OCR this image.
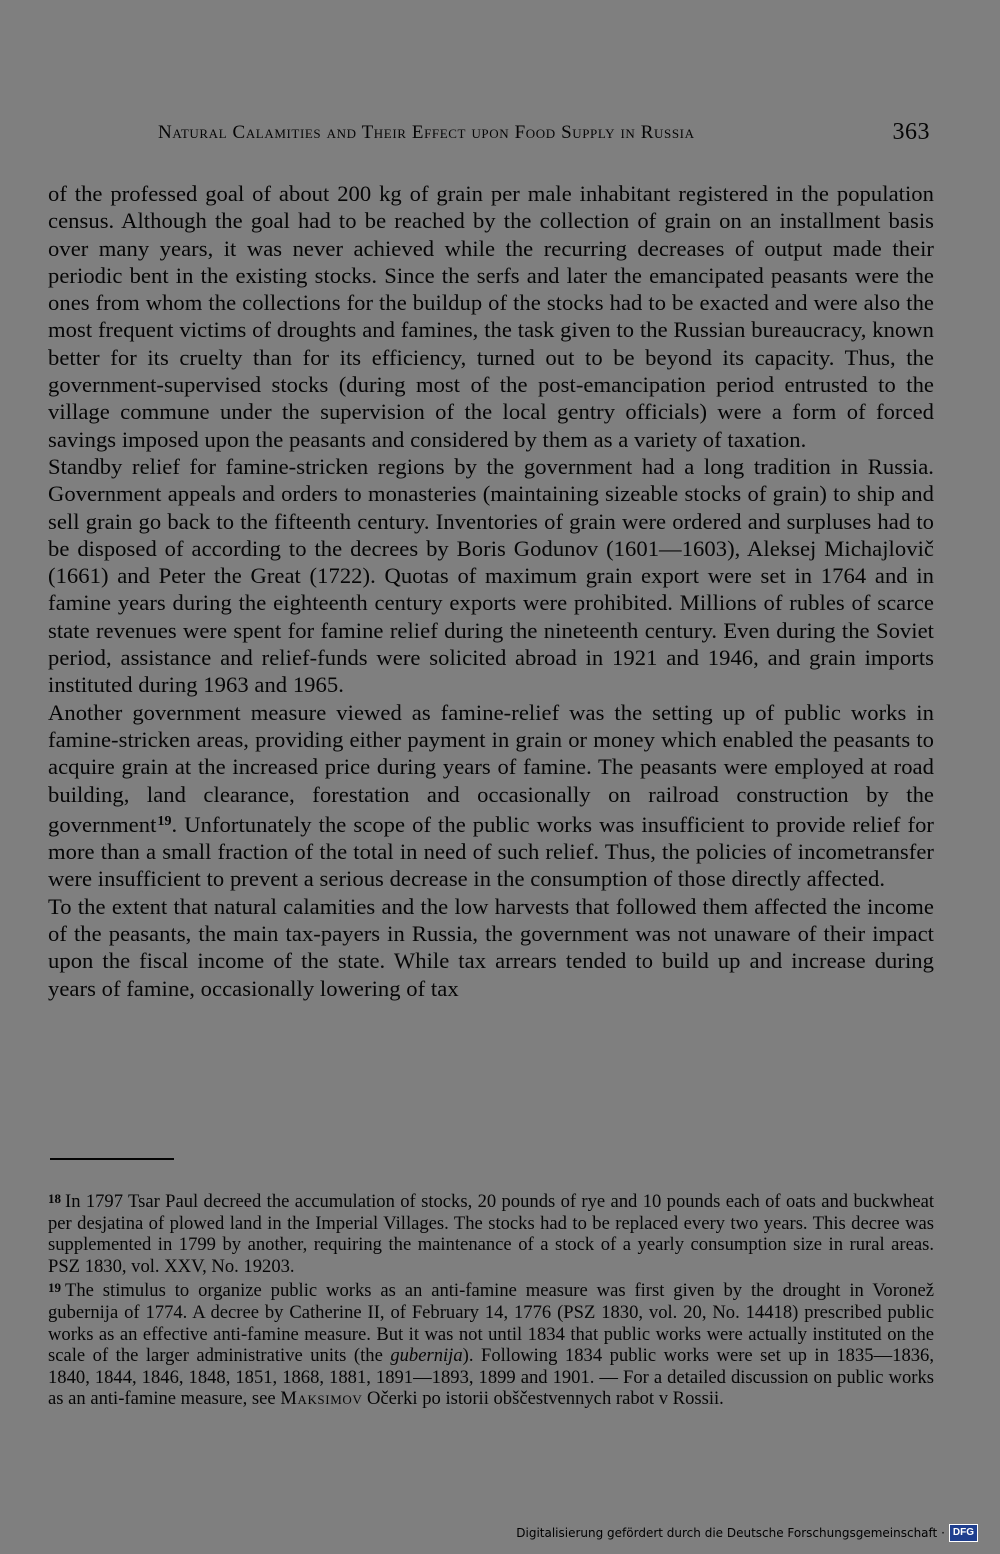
Natural Calamities and Their Effect upon Food Supply in Russia	363

of the professed goal of about 200 kg of grain per male inhabitant registered in the population census. Although the goal had to be reached by the collection of grain on an installment basis over many years, it was never achieved while the recurring decreases of output made their periodic bent in the existing stocks. Since the serfs and later the emancipated peasants were the ones from whom the collections for the buildup of the stocks had to be exacted and were also the most frequent victims of droughts and famines, the task given to the Russian bureaucracy, known better for its cruelty than for its efficiency, turned out to be beyond its capacity. Thus, the government-supervised stocks (during most of the post-emancipation period entrusted to the village commune under the supervision of the local gentry officials) were a form of forced savings imposed upon the peasants and considered by them as a variety of taxation.

Standby relief for famine-stricken regions by the government had a long tradition in Russia. Government appeals and orders to monasteries (maintaining sizeable stocks of grain) to ship and sell grain go back to the fifteenth century. Inventories of grain were ordered and surpluses had to be disposed of according to the decrees by Boris Godunov (1601—1603), Aleksej Michajlovič (1661) and Peter the Great (1722). Quotas of maximum grain export were set in 1764 and in famine years during the eighteenth century exports were prohibited. Millions of rubles of scarce state revenues were spent for famine relief during the nineteenth century. Even during the Soviet period, assistance and relief-funds were solicited abroad in 1921 and 1946, and grain imports instituted during 1963 and 1965.

Another government measure viewed as famine-relief was the setting up of public works in famine-stricken areas, providing either payment in grain or money which enabled the peasants to acquire grain at the increased price during years of famine. The peasants were employed at road building, land clearance, forestation and occasionally on railroad construction by the government$^{19}$. Unfortunately the scope of the public works was insufficient to provide relief for more than a small fraction of the total in need of such relief. Thus, the policies of incometransfer were insufficient to prevent a serious decrease in the consumption of those directly affected.

To the extent that natural calamities and the low harvests that followed them affected the income of the peasants, the main tax-payers in Russia, the government was not unaware of their impact upon the fiscal income of the state. While tax arrears tended to build up and increase during years of famine, occasionally lowering of tax

$^{18}$ In 1797 Tsar Paul decreed the accumulation of stocks, 20 pounds of rye and 10 pounds each of oats and buckwheat per desjatina of plowed land in the Imperial Villages. The stocks had to be replaced every two years. This decree was supplemented in 1799 by another, requiring the maintenance of a stock of a yearly consumption size in rural areas. PSZ 1830, vol. XXV, No. 19203.

$^{19}$ The stimulus to organize public works as an anti-famine measure was first given by the drought in Voronež gubernija of 1774. A decree by Catherine II, of February 14, 1776 (PSZ 1830, vol. 20, No. 14418) prescribed public works as an effective anti-famine measure. But it was not until 1834 that public works were actually instituted on the scale of the larger administrative units (the gubernija). Following 1834 public works were set up in 1835—1836, 1840, 1844, 1846, 1848, 1851, 1868, 1881, 1891—1893, 1899 and 1901. — For a detailed discussion on public works as an anti-famine measure, see Maksimov Očerki po istorii obščestvennych rabot v Rossii.

Digitalisierung gefördert durch die Deutsche Forschungsgemeinschaft · DFG
